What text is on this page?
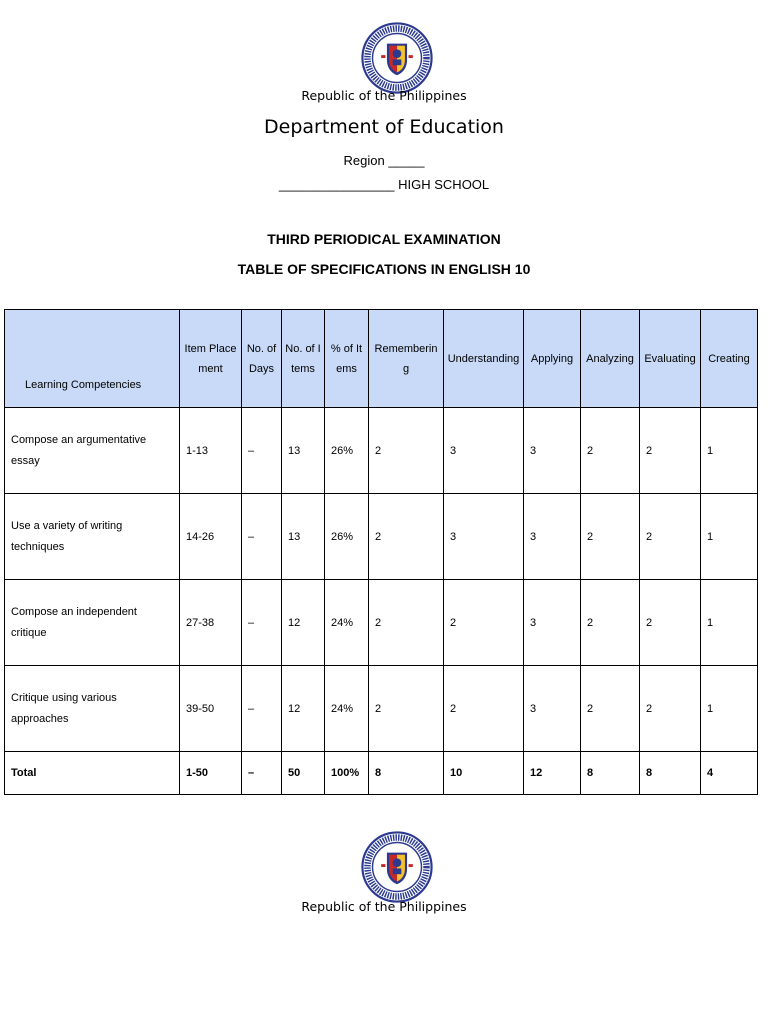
Republic of the Philippines
Department of Education
Region _____
________________ HIGH SCHOOL
THIRD PERIODICAL EXAMINATION
TABLE OF SPECIFICATIONS IN ENGLISH 10
Learning Competencies	Item Placement	No. of Days	No. of Items	% of Items	Remembering	Understanding	Applying	Analyzing	Evaluating	Creating
Compose an argumentative essay	1-13	–	13	26%	2	3	3	2	2	1
Use a variety of writing techniques	14-26	–	13	26%	2	3	3	2	2	1
Compose an independent critique	27-38	–	12	24%	2	2	3	2	2	1
Critique using various approaches	39-50	–	12	24%	2	2	3	2	2	1
Total	1-50	–	50	100%	8	10	12	8	8	4
Republic of the Philippines
